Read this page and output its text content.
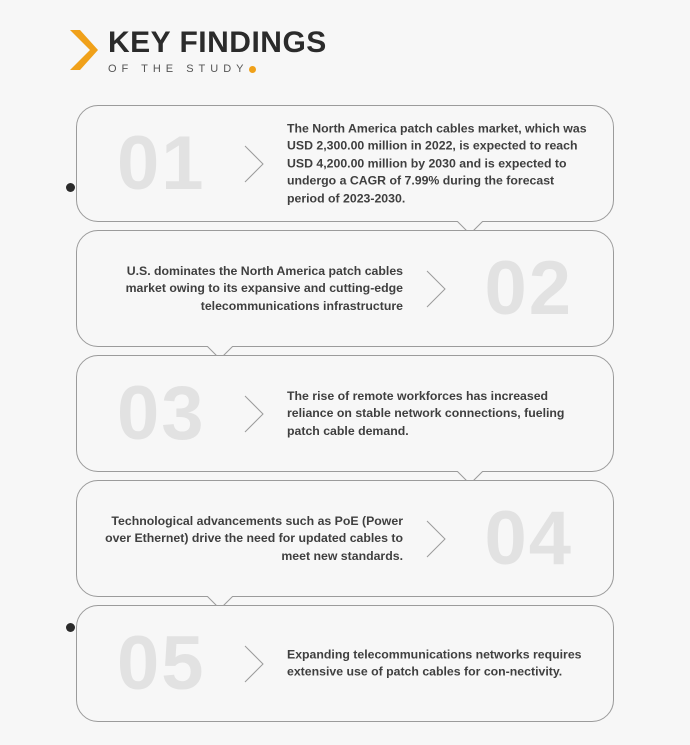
KEY FINDINGS
OF THE STUDY
01	The North America patch cables market, which was USD 2,300.00 million in 2022, is expected to reach USD 4,200.00 million by 2030 and is expected to undergo a CAGR of 7.99% during the forecast period of 2023-2030.
02
U.S. dominates the North America patch cables market owing to its expansive and cutting-edge telecommunications infrastructure
03	The rise of remote workforces has increased reliance on stable network connections, fueling patch cable demand.
04
Technological advancements such as PoE (Power over Ethernet) drive the need for updated cables to meet new standards.
05	Expanding telecommunications networks requires extensive use of patch cables for con-nectivity.
